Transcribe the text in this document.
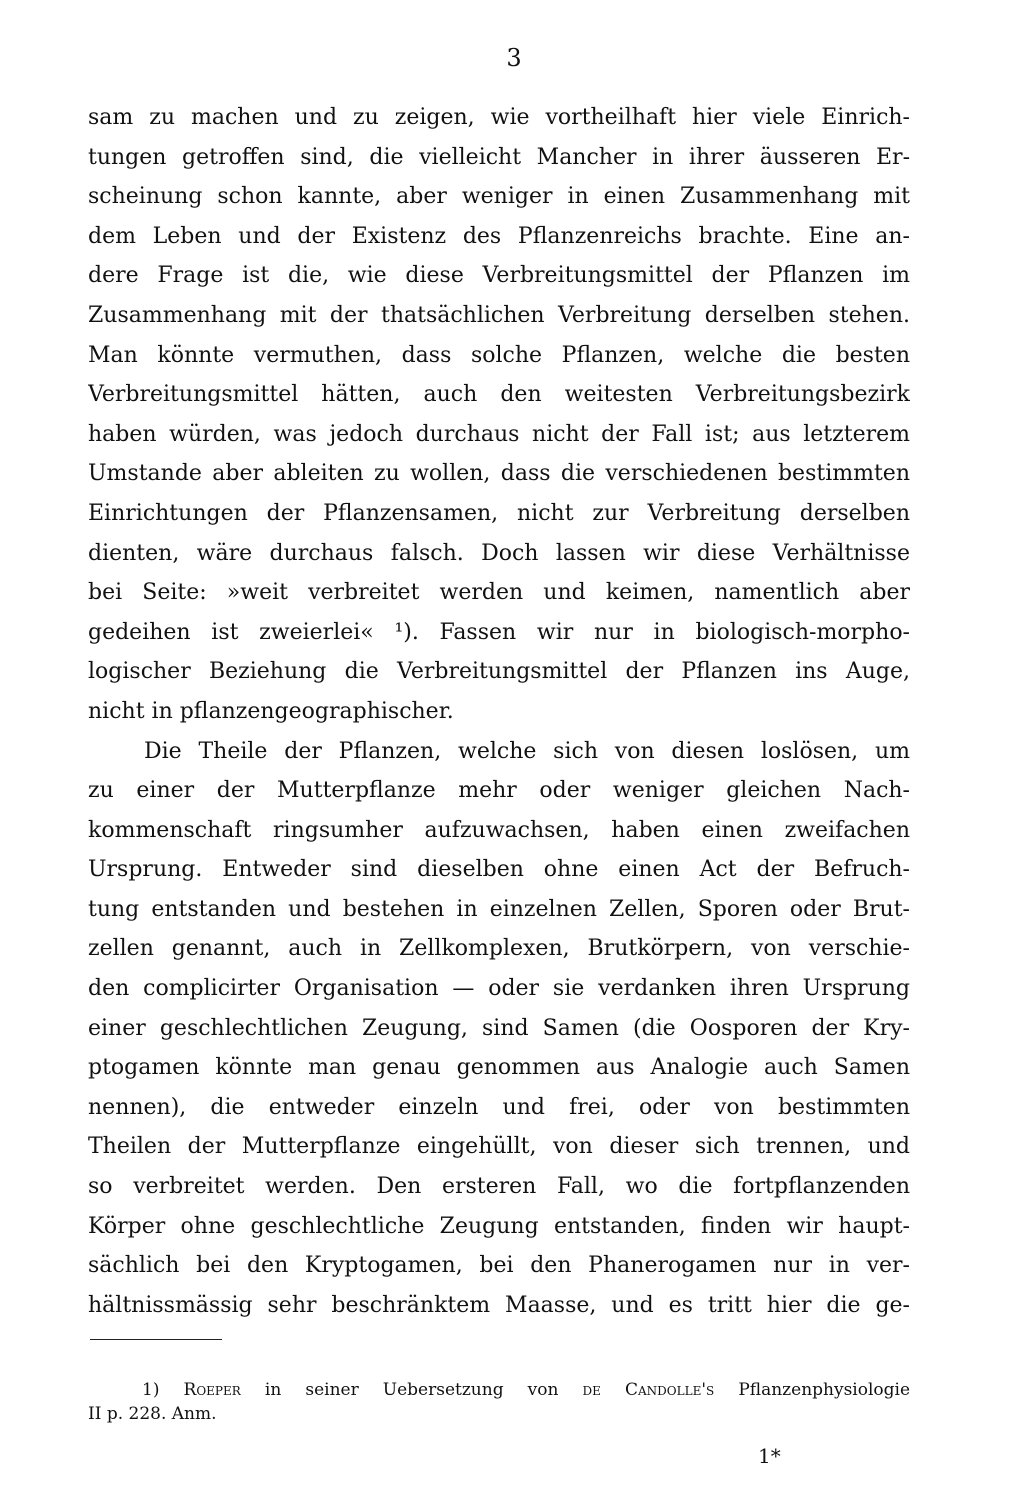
3
sam zu machen und zu zeigen, wie vortheilhaft hier viele Einrich-
tungen getroffen sind, die vielleicht Mancher in ihrer äusseren Er-
scheinung schon kannte, aber weniger in einen Zusammenhang mit
dem Leben und der Existenz des Pflanzenreichs brachte. Eine an-
dere Frage ist die, wie diese Verbreitungsmittel der Pflanzen im
Zusammenhang mit der thatsächlichen Verbreitung derselben stehen.
Man könnte vermuthen, dass solche Pflanzen, welche die besten
Verbreitungsmittel hätten, auch den weitesten Verbreitungsbezirk
haben würden, was jedoch durchaus nicht der Fall ist; aus letzterem
Umstande aber ableiten zu wollen, dass die verschiedenen bestimmten
Einrichtungen der Pflanzensamen, nicht zur Verbreitung derselben
dienten, wäre durchaus falsch. Doch lassen wir diese Verhältnisse
bei Seite: »weit verbreitet werden und keimen, namentlich aber
gedeihen ist zweierlei« ¹). Fassen wir nur in biologisch-morpho-
logischer Beziehung die Verbreitungsmittel der Pflanzen ins Auge,
nicht in pflanzengeographischer.
Die Theile der Pflanzen, welche sich von diesen loslösen, um
zu einer der Mutterpflanze mehr oder weniger gleichen Nach-
kommenschaft ringsumher aufzuwachsen, haben einen zweifachen
Ursprung. Entweder sind dieselben ohne einen Act der Befruch-
tung entstanden und bestehen in einzelnen Zellen, Sporen oder Brut-
zellen genannt, auch in Zellkomplexen, Brutkörpern, von verschie-
den complicirter Organisation — oder sie verdanken ihren Ursprung
einer geschlechtlichen Zeugung, sind Samen (die Oosporen der Kry-
ptogamen könnte man genau genommen aus Analogie auch Samen
nennen), die entweder einzeln und frei, oder von bestimmten
Theilen der Mutterpflanze eingehüllt, von dieser sich trennen, und
so verbreitet werden. Den ersteren Fall, wo die fortpflanzenden
Körper ohne geschlechtliche Zeugung entstanden, finden wir haupt-
sächlich bei den Kryptogamen, bei den Phanerogamen nur in ver-
hältnissmässig sehr beschränktem Maasse, und es tritt hier die ge-
1) Roeper in seiner Uebersetzung von de Candolle's Pflanzenphysiologie
II p. 228. Anm.
1*
